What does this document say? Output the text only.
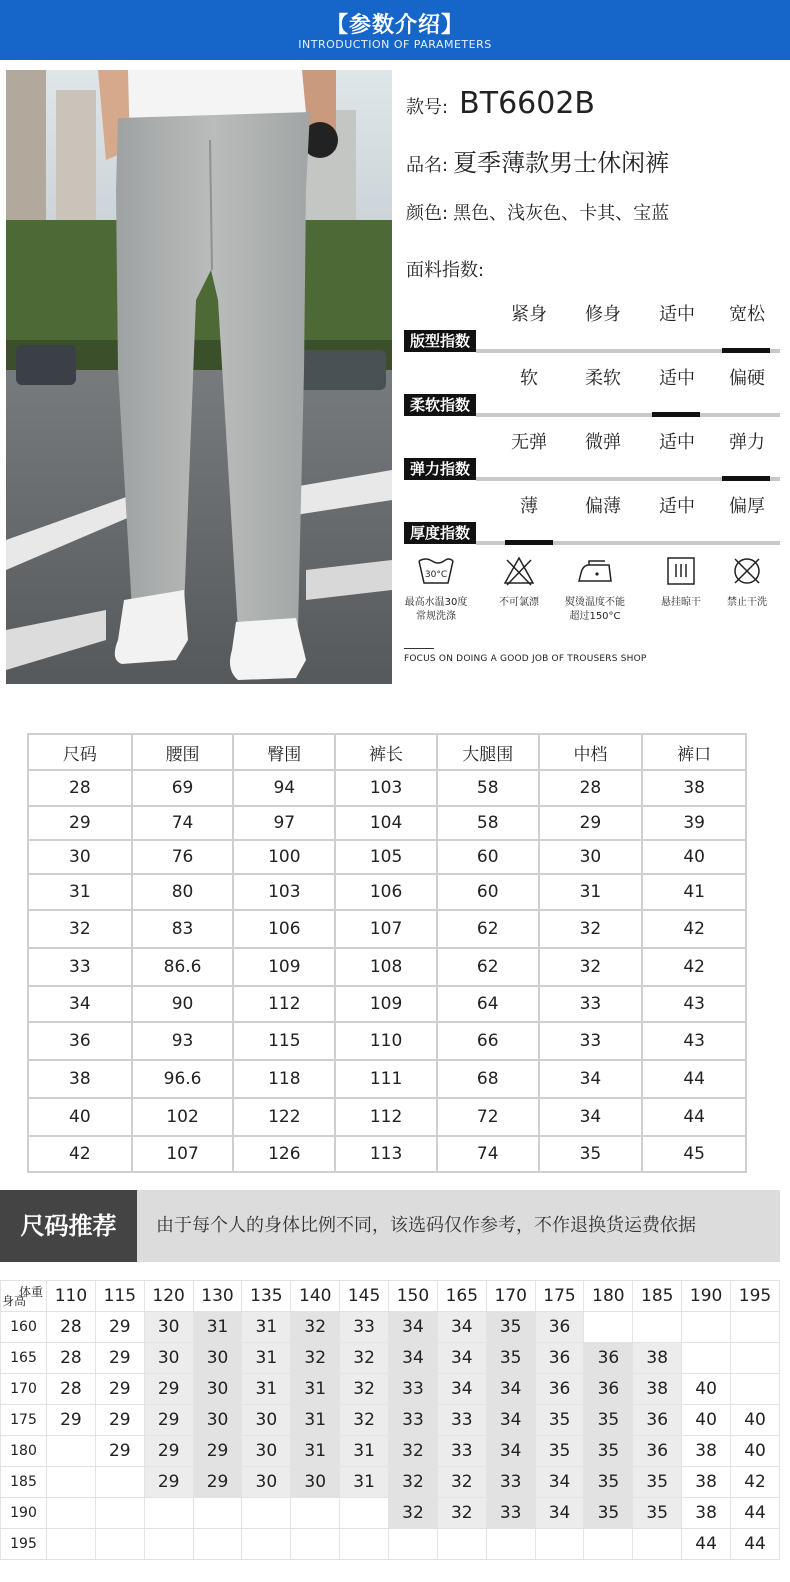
【参数介绍】
INTRODUCTION OF PARAMETERS
款号: BT6602B
品名: 夏季薄款男士休闲裤
颜色: 黑色、浅灰色、卡其、宝蓝
面料指数:
紧身	修身	适中	宽松
版型指数
软	柔软	适中	偏硬
柔软指数
无弹	微弹	适中	弹力
弹力指数
薄	偏薄	适中	偏厚
厚度指数
30°C
最高水温30度
常规洗涤
不可氯漂	熨烫温度不能
超过150°C
悬挂晾干	禁止干洗
FOCUS ON DOING A GOOD JOB OF TROUSERS SHOP
尺码	腰围	臀围	裤长	大腿围	中档	裤口
28	69	94	103	58	28	38
29	74	97	104	58	29	39
30	76	100	105	60	30	40
31	80	103	106	60	31	41
32	83	106	107	62	32	42
33	86.6	109	108	62	32	42
34	90	112	109	64	33	43
36	93	115	110	66	33	43
38	96.6	118	111	68	34	44
40	102	122	112	72	34	44
42	107	126	113	74	35	45
尺码推荐	由于每个人的身体比例不同，该选码仅作参考，不作退换货运费依据
体重
身高	110	115	120	130	135	140	145	150	165	170	175	180	185	190	195
160	28	29	30	31	31	32	33	34	34	35	36				
165	28	29	30	30	31	32	32	34	34	35	36	36	38		
170	28	29	29	30	31	31	32	33	34	34	36	36	38	40	
175	29	29	29	30	30	31	32	33	33	34	35	35	36	40	40
180		29	29	29	30	31	31	32	33	34	35	35	36	38	40
185			29	29	30	30	31	32	32	33	34	35	35	38	42
190								32	32	33	34	35	35	38	44
195														44	44
